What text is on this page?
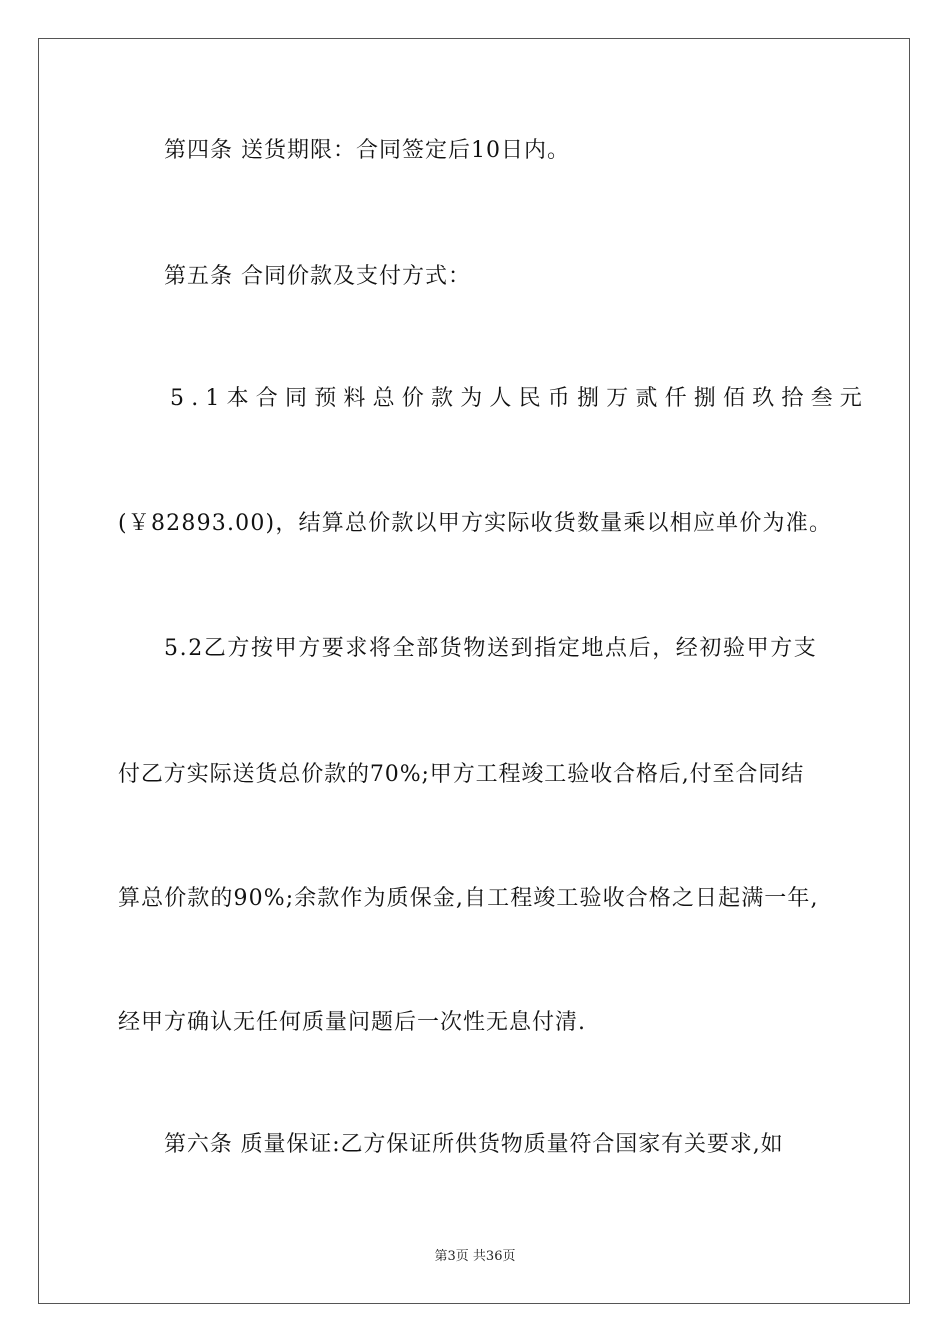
第四条 送货期限：合同签定后10日内。
第五条 合同价款及支付方式：
5.1本合同预料总价款为人民币捌万贰仟捌佰玖拾叁元
(￥82893.00)，结算总价款以甲方实际收货数量乘以相应单价为准。
5.2乙方按甲方要求将全部货物送到指定地点后，经初验甲方支
付乙方实际送货总价款的70%;甲方工程竣工验收合格后,付至合同结
算总价款的90%;余款作为质保金,自工程竣工验收合格之日起满一年,
经甲方确认无任何质量问题后一次性无息付清.
第六条 质量保证:乙方保证所供货物质量符合国家有关要求,如
第3页 共36页
